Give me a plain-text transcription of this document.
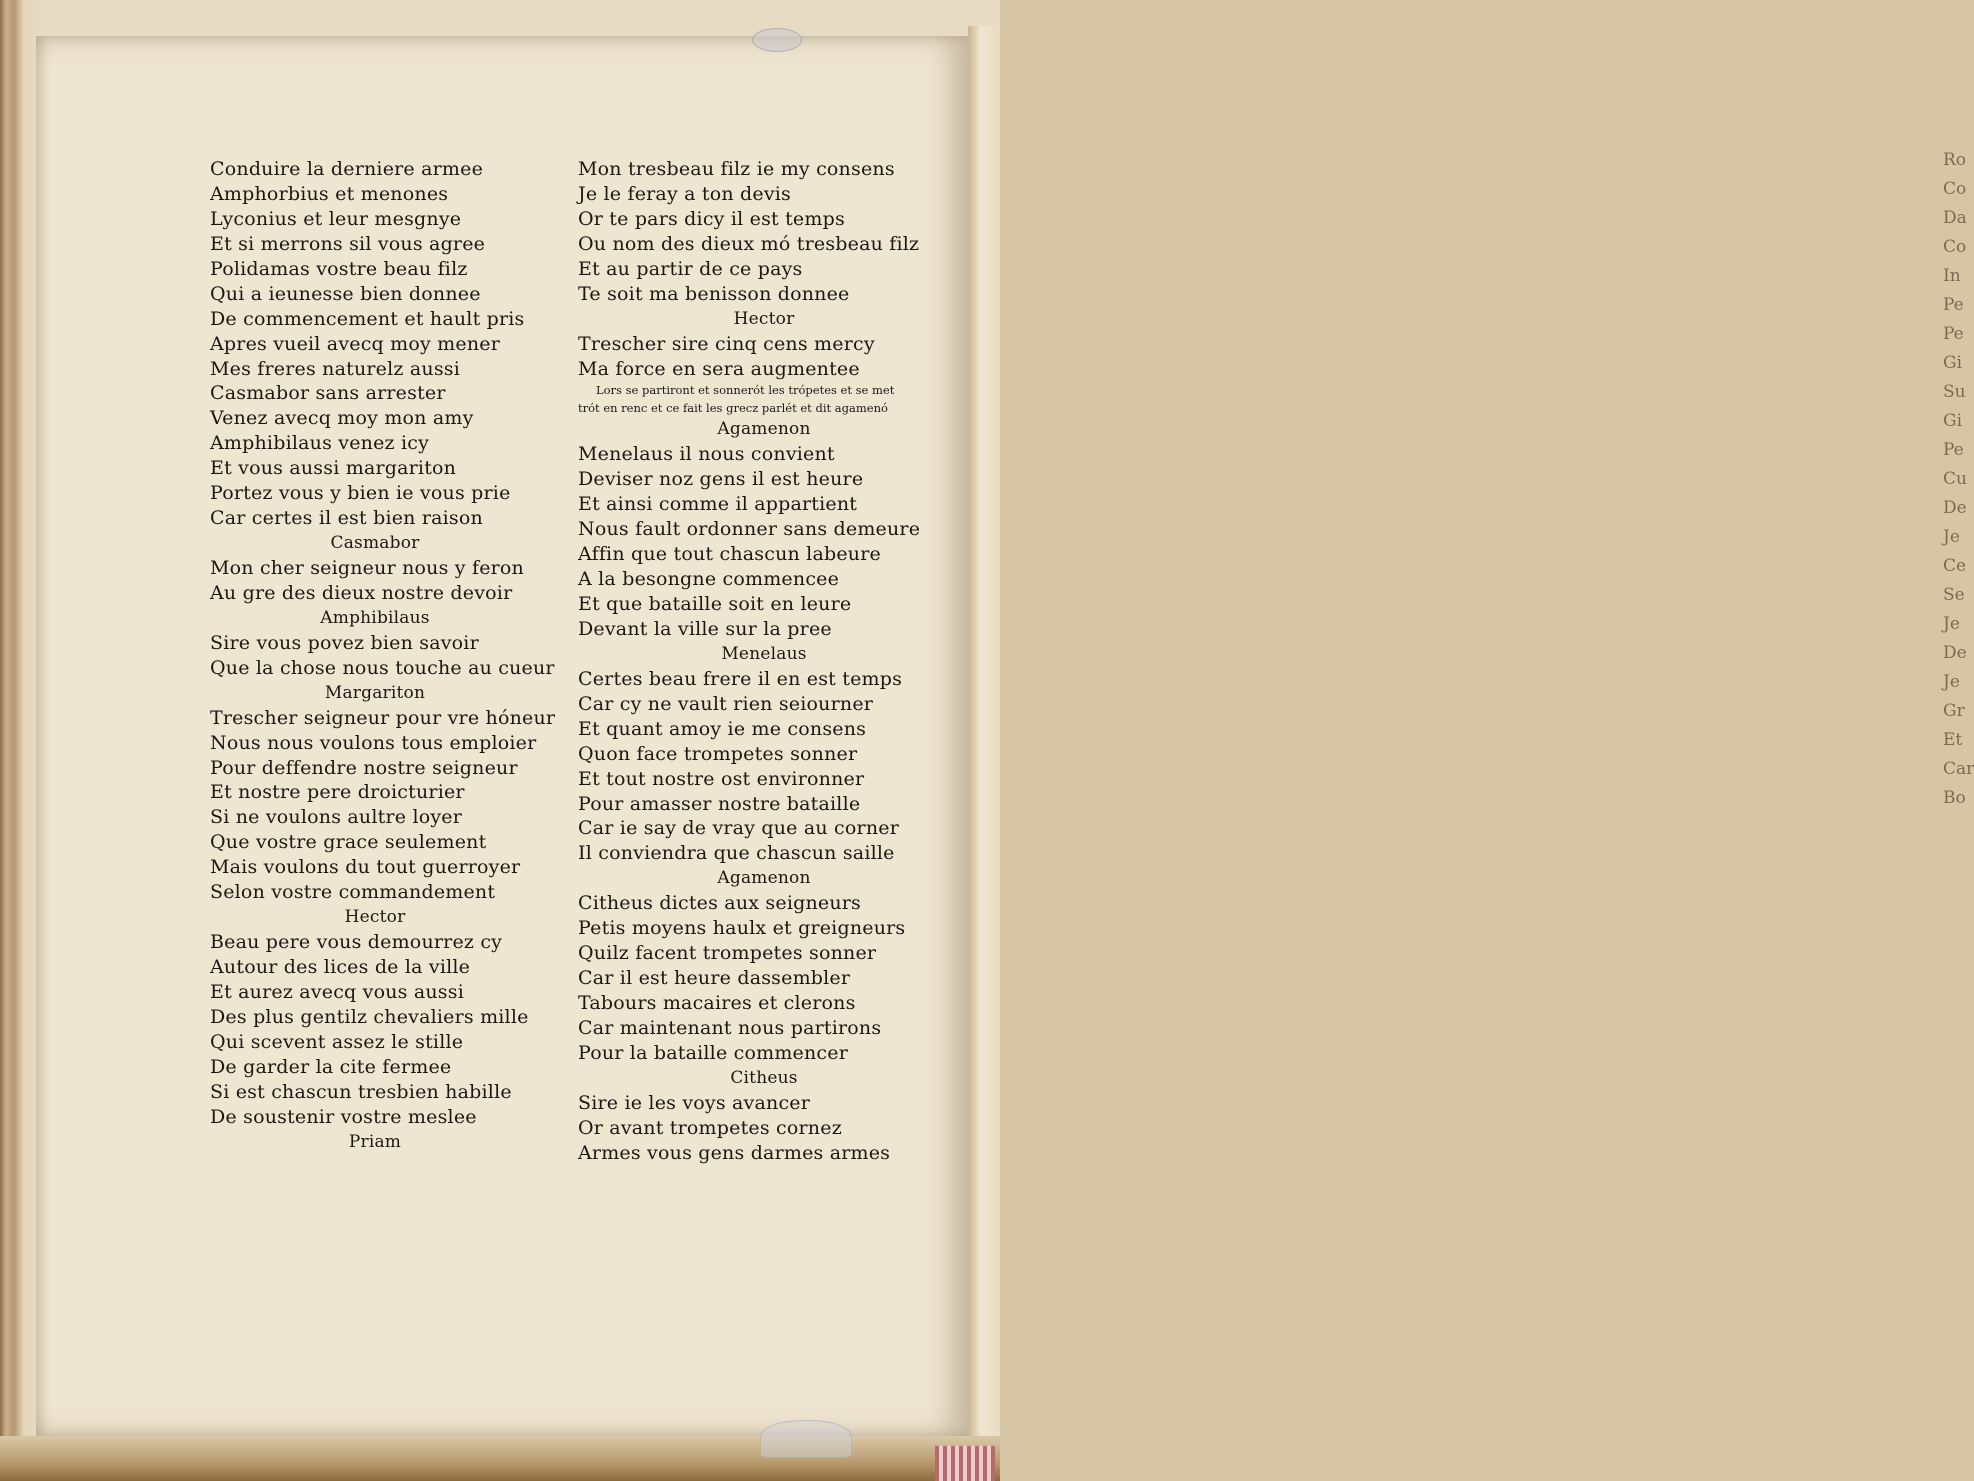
Ro Co Da Co In Pe Pe Gi Su Gi Pe Cu De Je Ce Se Je De Je Gr Et Car Bo
Conduire la derniere armee
Amphorbius et menones
Lyconius et leur mesgnye
Et si merrons sil vous agree
Polidamas vostre beau filz
Qui a ieunesse bien donnee
De commencement et hault pris
Apres vueil avecq moy mener
Mes freres naturelz aussi
Casmabor sans arrester
Venez avecq moy mon amy
Amphibilaus venez icy
Et vous aussi margariton
Portez vous y bien ie vous prie
Car certes il est bien raison
Casmabor
Mon cher seigneur nous y feron
Au gre des dieux nostre devoir
Amphibilaus
Sire vous povez bien savoir
Que la chose nous touche au cueur
Margariton
Trescher seigneur pour vre hóneur
Nous nous voulons tous emploier
Pour deffendre nostre seigneur
Et nostre pere droicturier
Si ne voulons aultre loyer
Que vostre grace seulement
Mais voulons du tout guerroyer
Selon vostre commandement
Hector
Beau pere vous demourrez cy
Autour des lices de la ville
Et aurez avecq vous aussi
Des plus gentilz chevaliers mille
Qui scevent assez le stille
De garder la cite fermee
Si est chascun tresbien habille
De soustenir vostre meslee
Priam
Mon tresbeau filz ie my consens
Je le feray a ton devis
Or te pars dicy il est temps
Ou nom des dieux mó tresbeau filz
Et au partir de ce pays
Te soit ma benisson donnee
Hector
Trescher sire cinq cens mercy
Ma force en sera augmentee
Lors se partiront et sonnerót les trópetes et se met
trót en renc et ce fait les grecz parlét et dit agamenó
Agamenon
Menelaus il nous convient
Deviser noz gens il est heure
Et ainsi comme il appartient
Nous fault ordonner sans demeure
Affin que tout chascun labeure
A la besongne commencee
Et que bataille soit en leure
Devant la ville sur la pree
Menelaus
Certes beau frere il en est temps
Car cy ne vault rien seiourner
Et quant amoy ie me consens
Quon face trompetes sonner
Et tout nostre ost environner
Pour amasser nostre bataille
Car ie say de vray que au corner
Il conviendra que chascun saille
Agamenon
Citheus dictes aux seigneurs
Petis moyens haulx et greigneurs
Quilz facent trompetes sonner
Car il est heure dassembler
Tabours macaires et clerons
Car maintenant nous partirons
Pour la bataille commencer
Citheus
Sire ie les voys avancer
Or avant trompetes cornez
Armes vous gens darmes armes
